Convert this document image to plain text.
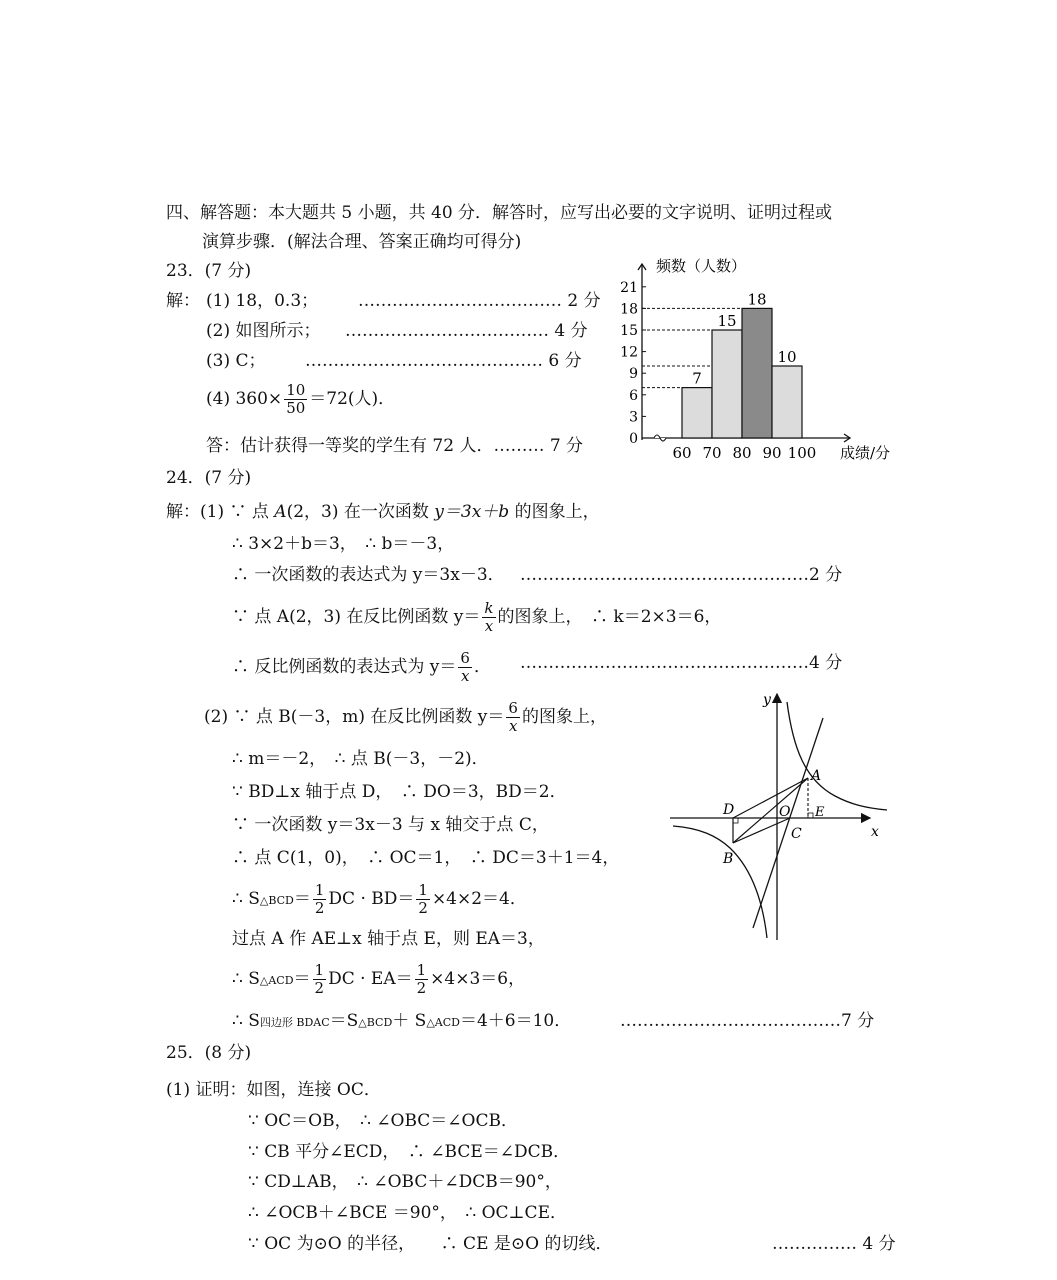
四、解答题：本大题共 5 小题，共 40 分．解答时，应写出必要的文字说明、证明过程或
演算步骤．(解法合理、答案正确均可得分)
23．(7 分)
解： (1) 18，0.3； ……………………………… 2 分
(2) 如图所示； ……………………………… 4 分
(3) C； …………………………………… 6 分
(4) $360\times \frac{10}{50} =72$(人)．
答：估计获得一等奖的学生有 72 人．……… 7 分	0
3
6
9
12
15
18
21
7
15
18
10
60 70 80 90 100
频数（人数）
成绩/分
24．(7 分)
解：(1) ∵ 点 A(2，3) 在一次函数 y＝3x＋b 的图象上，
∴ 3×2＋b＝3，　∴ b＝－3，
∴ 一次函数的表达式为 y＝3x－3． ……………………………………………2 分
∵ 点 A(2，3) 在反比例函数 $y= \frac{k}{x}$ 的图象上，　∴ k＝2×3＝6，
∴ 反比例函数的表达式为 $y= \frac{6}{x}$ ． ……………………………………………4 分
(2) ∵ 点 B(－3，m) 在反比例函数 $y= \frac{6}{x}$ 的图象上，
∴ m＝－2，　∴ 点 B(－3，－2)．
∵ BD⊥x 轴于点 D，　∴ DO＝3，BD＝2．
∵ 一次函数 y＝3x－3 与 x 轴交于点 C，
∴ 点 C(1，0)，　∴ OC＝1，　∴ DC＝3＋1＝4，
∴ S△BCD＝ $\frac{1}{2}$ DC · $BD= \frac{1}{2} \times 4\times 2=4$．
过点 A 作 AE⊥x 轴于点 E，则 EA＝3，
∴ S△ACD＝ $\frac{1}{2}$ DC · $EA= \frac{1}{2} \times 4\times 3=6$，
∴ S四边形 BDAC＝S△BCD＋ S△ACD＝4＋6＝10．	…………………………………7 分
y
x
A
B
C
D	O E
25．(8 分)
(1) 证明：如图，连接 OC．
∵ OC＝OB，　∴ ∠OBC＝∠OCB．
∵ CB 平分∠ECD，　∴ ∠BCE＝∠DCB．
∵ CD⊥AB，　∴ ∠OBC＋∠DCB＝90°，
∴ ∠OCB＋∠BCE ＝90°，　∴ OC⊥CE．
∵ OC 为⊙O 的半径，　　∴ CE 是⊙O 的切线．	…………… 4 分
